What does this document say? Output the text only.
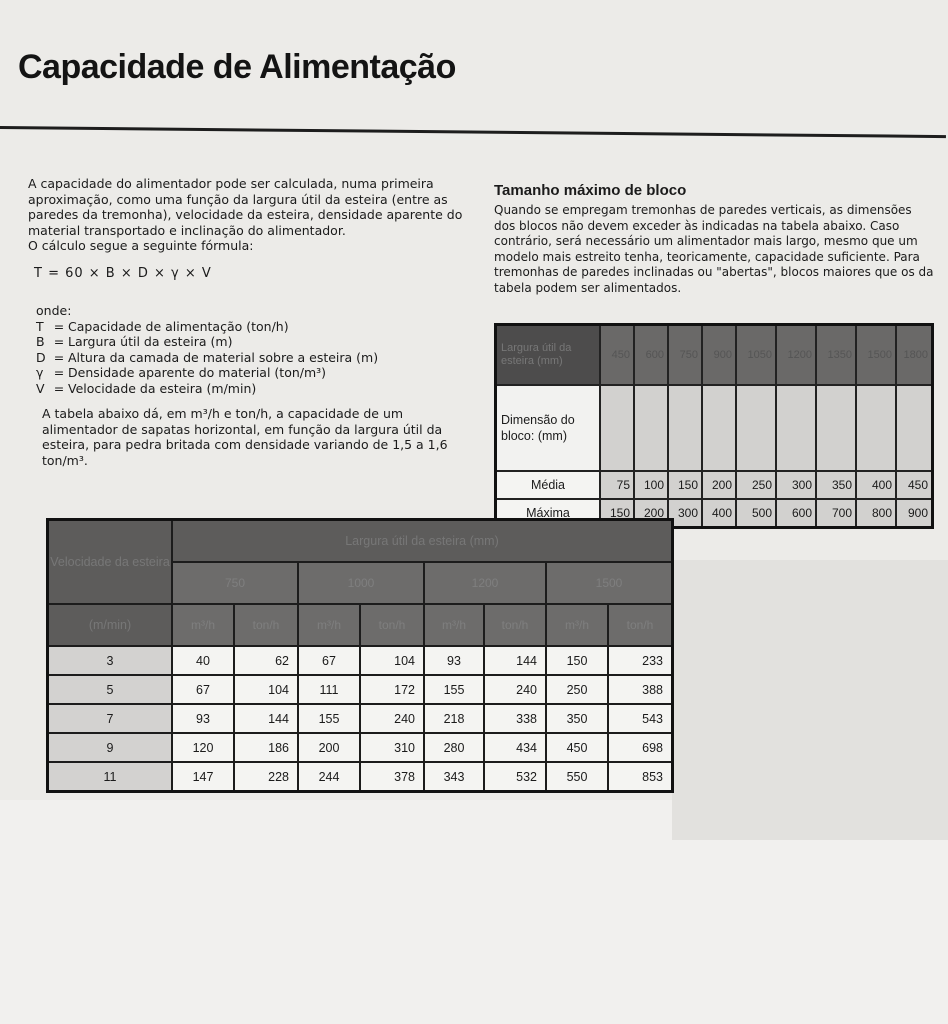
Capacidade de Alimentação

A capacidade do alimentador pode ser calculada, numa primeira aproximação, como uma função da largura útil da esteira (entre as paredes da tremonha), velocidade da esteira, densidade aparente do material transportado e inclinação do alimentador.

O cálculo segue a seguinte fórmula:

T = 60 × B × D × γ × V

onde:

T = Capacidade de alimentação (ton/h)
B = Largura útil da esteira (m)
D = Altura da camada de material sobre a esteira (m)
γ = Densidade aparente do material (ton/m³)
V = Velocidade da esteira (m/min)

A tabela abaixo dá, em m³/h e ton/h, a capacidade de um alimentador de sapatas horizontal, em função da largura útil da esteira, para pedra britada com densidade variando de 1,5 a 1,6 ton/m³.

Tamanho máximo de bloco

Quando se empregam tremonhas de paredes verticais, as dimensões dos blocos não devem exceder às indicadas na tabela abaixo. Caso contrário, será necessário um alimentador mais largo, mesmo que um modelo mais estreito tenha, teoricamente, capacidade suficiente. Para tremonhas de paredes inclinadas ou "abertas", blocos maiores que os da tabela podem ser alimentados.

Largura útil da esteira (mm)	450	600	750	900	1050	1200	1350	1500	1800
Dimensão do bloco: (mm)									
Média	75	100	150	200	250	300	350	400	450
Máxima	150	200	300	400	500	600	700	800	900
Velocidade da esteira	Largura útil da esteira (mm)							
	750		1000		1200		1500	
(m/min)	m³/h	ton/h	m³/h	ton/h	m³/h	ton/h	m³/h	ton/h
3	40	62	67	104	93	144	150	233
5	67	104	111	172	155	240	250	388
7	93	144	155	240	218	338	350	543
9	120	186	200	310	280	434	450	698
11	147	228	244	378	343	532	550	853
